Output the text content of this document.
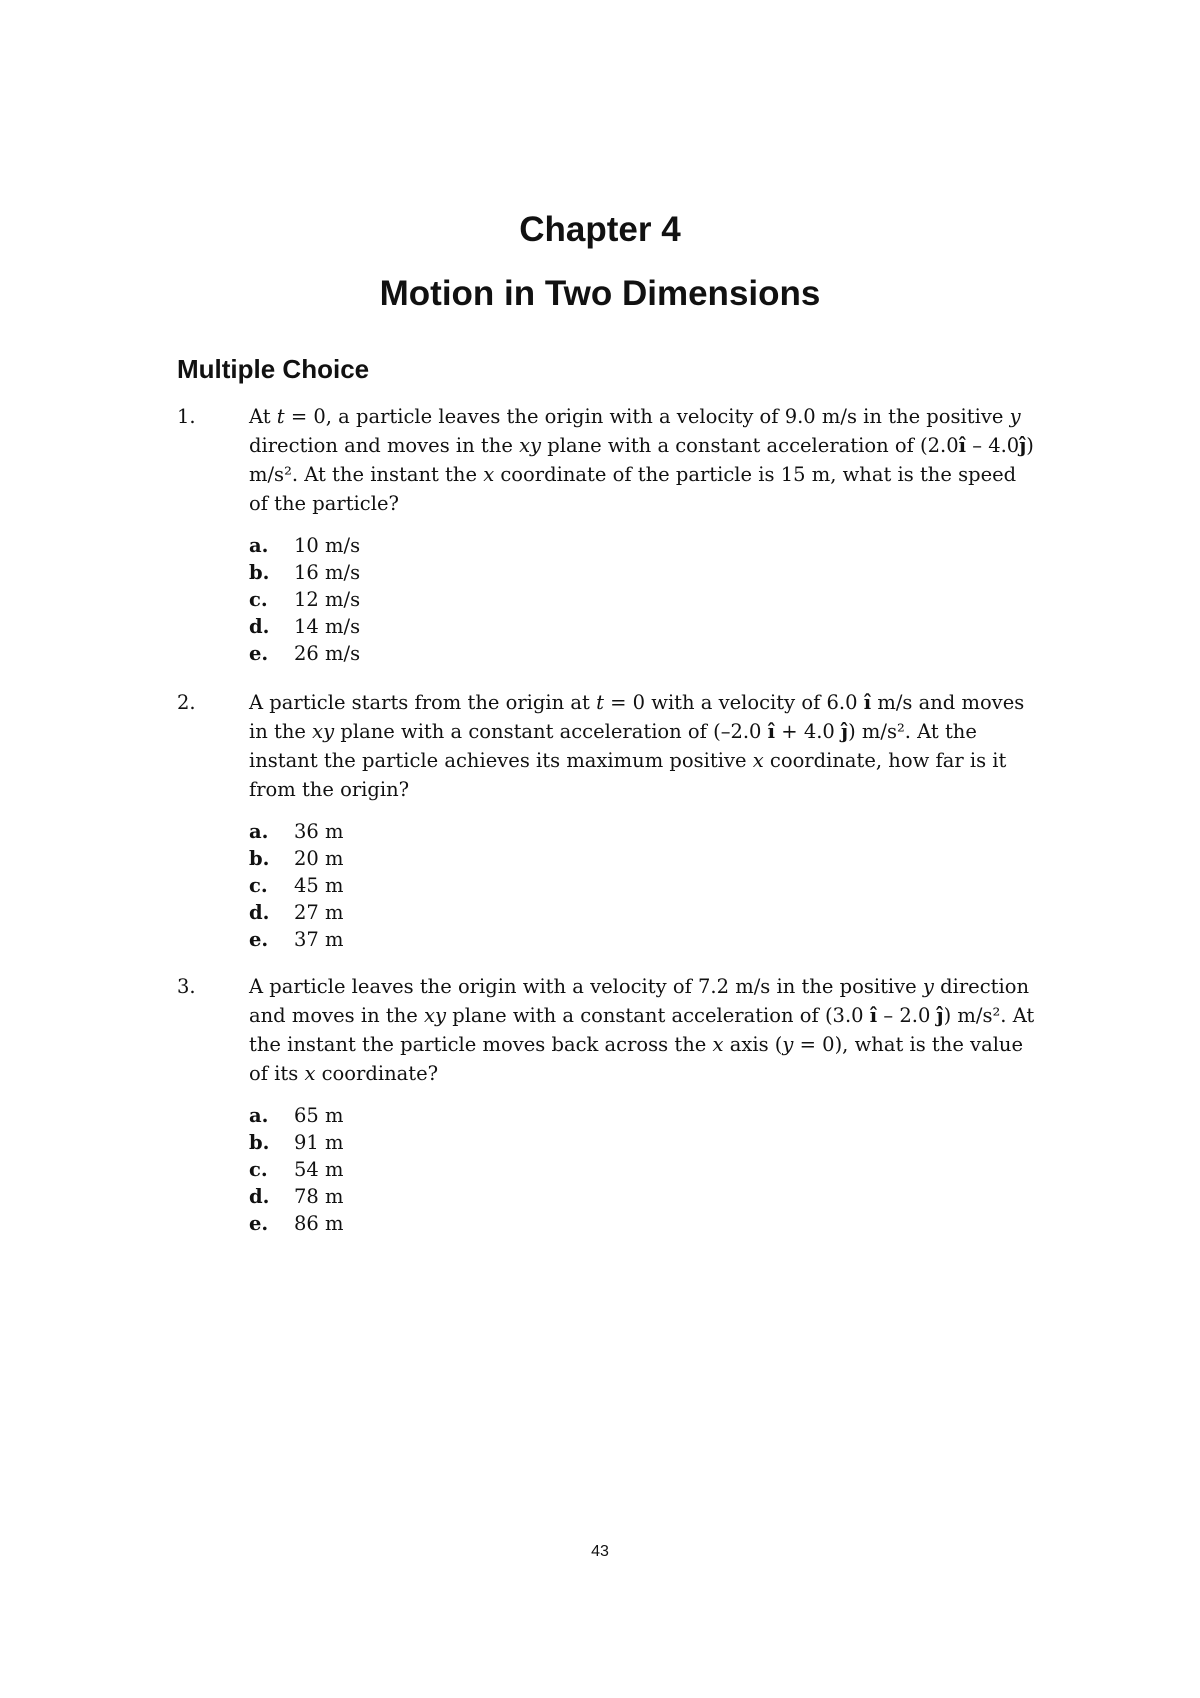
Chapter 4
Motion in Two Dimensions
Multiple Choice
1.	At t = 0, a particle leaves the origin with a velocity of 9.0 m/s in the positive y direction and moves in the xy plane with a constant acceleration of (2.0î – 4.0ĵ) m/s². At the instant the x coordinate of the particle is 15 m, what is the speed of the particle?
a. 10 m/s
b. 16 m/s
c. 12 m/s
d. 14 m/s
e. 26 m/s
2.	A particle starts from the origin at t = 0 with a velocity of 6.0 î m/s and moves in the xy plane with a constant acceleration of (–2.0 î + 4.0 ĵ) m/s². At the instant the particle achieves its maximum positive x coordinate, how far is it from the origin?
a. 36 m
b. 20 m
c. 45 m
d. 27 m
e. 37 m
3.	A particle leaves the origin with a velocity of 7.2 m/s in the positive y direction and moves in the xy plane with a constant acceleration of (3.0 î – 2.0 ĵ) m/s². At the instant the particle moves back across the x axis (y = 0), what is the value of its x coordinate?
a. 65 m
b. 91 m
c. 54 m
d. 78 m
e. 86 m
43
